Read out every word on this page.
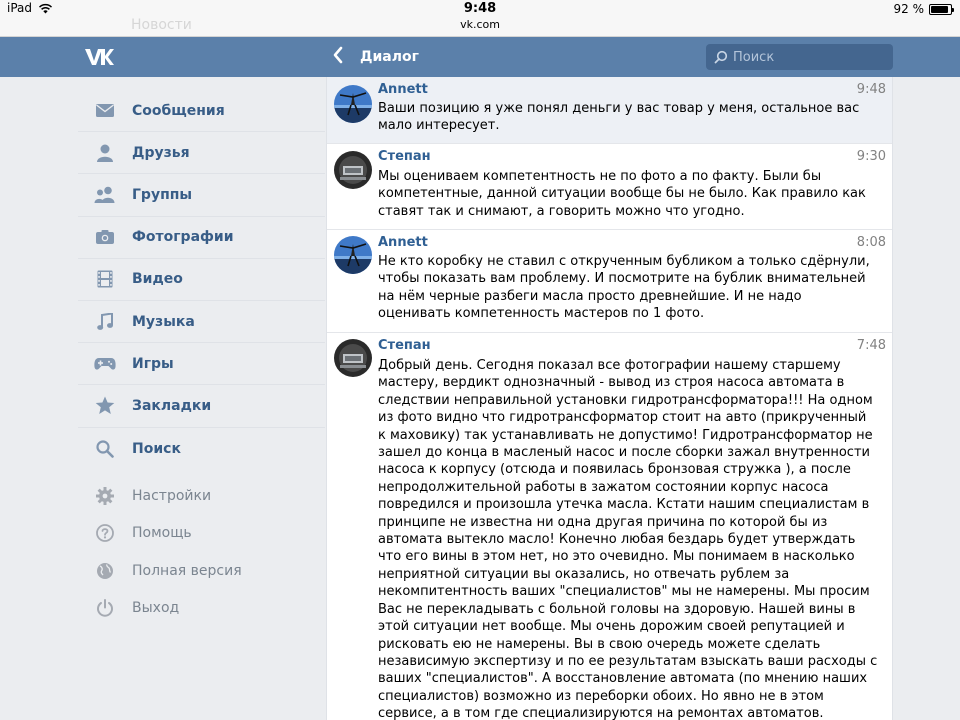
iPad	9:48
vk.com
92 %
Новости
Диалог
Поиск
Сообщения
Друзья
Группы
Фотографии
Видео
Музыка
Игры
Закладки
Поиск
Настройки
Помощь
Полная версия
Выход
Annett	9:48
Ваши позицию я уже понял деньги у вас товар у меня, остальное вас мало интересует.
Степан	9:30
Мы оцениваем компетентность не по фото а по факту. Были бы компетентные, данной ситуации вообще бы не было. Как правило как ставят так и снимают, а говорить можно что угодно.
Annett	8:08
Не кто коробку не ставил с открученным бубликом а только сдёрнули, чтобы показать вам проблему. И посмотрите на бублик внимательней на нём черные разбеги масла просто древнейшие. И не надо оценивать компетенность мастеров по 1 фото.
Степан	7:48
Добрый день. Сегодня показал все фотографии нашему старшему мастеру, вердикт однозначный - вывод из строя насоса автомата в следствии неправильной установки гидротрансформатора!!! На одном из фото видно что гидротрансформатор стоит на авто (прикрученный к маховику) так устанавливать не допустимо! Гидротрансформатор не зашел до конца в масленый насос и после сборки зажал внутренности насоса к корпусу (отсюда и появилась бронзовая стружка ), а после непродолжительной работы в зажатом состоянии корпус насоса повредился и произошла утечка масла. Кстати нашим специалистам в принципе не известна ни одна другая причина по которой бы из автомата вытекло масло! Конечно любая бездарь будет утверждать что его вины в этом нет, но это очевидно. Мы понимаем в насколько неприятной ситуации вы оказались, но отвечать рублем за некомпитентность ваших "специалистов" мы не намерены. Мы просим Вас не перекладывать с больной головы на здоровую. Нашей вины в этой ситуации нет вообще. Мы очень дорожим своей репутацией и рисковать ею не намерены. Вы в свою очередь можете сделать независимую экспертизу и по ее результатам взыскать ваши расходы с ваших "специалистов". А восстановление автомата (по мнению наших специалистов) возможно из переборки обоих. Но явно не в этом сервисе, а в том где специализируются на ремонтах автоматов.
